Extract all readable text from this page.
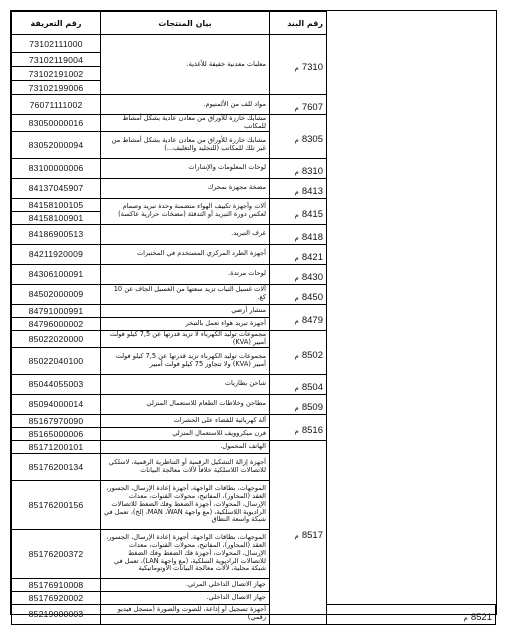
رقم التعريفة	بيان المنتجات	رقم البند	
73102111000	معلبات معدنية خفيفة للأغذية.	م 7310	

73102119004			
73102191002			
73102199006			
76071111002	مواد للف من الألمنيوم.	م 7607	

83050000016	مشابك خازرة للأوراق من معادن عادية بشكل أمشاط للمكاتب	م 8305	

83052000094	مشابك خازرة للأوراق من معادن عادية بشكل أمشاط من غير تلك للمكاتب (للتجليد والتغليف...)		
83100000006	لوحات المعلومات والإشارات	م 8310	

84137045907	مضخة مجهزة بمحرك	م 8413	

84158100105	آلات وأجهزة تكييف الهواء متضمنة وحدة تبريد وصمام لعكس دورة التبريد أو التدفئة (مضخات حرارية عاكسة)	م 8415	

84158100901			
84186900513	غرف التبريد.	م 8418	

84211920009	أجهزة الطرد المركزي المستخدم في المختبرات	م 8421	

84306100091	لوحات مرتدة.	م 8430	

84502000009	آلات غسيل الثياب تزيد سعتها من الغسيل الجاف عن 10 كغ.	م 8450	

84791000991	منشار أرضي	م 8479	

84796000002	أجهزة تبريد هواء تعمل بالتبخر		
85022020000	مجموعات توليد الكهرباء لا تزيد قدرتها عن 7,5 كيلو فولت أمبير (KVA)	م 8502	

85022040100	مجموعات توليد الكهرباء تزيد قدرتها عن 7,5 كيلو فولت أمبير (KVA) ولا تتجاوز 75 كيلو فولت أمبير		
85044055003	شاحن بطاريات	م 8504	

85094000014	مطاحن وخلاطات الطعام للاستعمال المنزلي	م 8509	

85167970090	آلة كهربائية للقضاء على الحشرات	م 8516	

85165000006	فرن ميكروويف للاستعمال المنزلي		
85171200101	الهاتف المحمول.	م 8517	

85176200134	أجهزة إزالة التشكيل الرقمية أو التناظرية الرقمية، لاسلكي للاتصالات اللاسلكية خلافاً لآلات معالجة البيانات		
85176200156	الموجهات، بطاقات الواجهة، أجهزة إعادة الإرسال، الجسور، العقد (المحاور)، المفاتيح، محولات القنوات، معدات الإرسال، المحولات، أجهزة الضغط وفك الضغط للاتصالات الراديوية اللاسلكية، (مع واجهة MAN ،WAN، إلخ)، تعمل في شبكة واسعة النطاق		
85176200372	الموجهات، بطاقات الواجهة، أجهزة إعادة الإرسال، الجسور، العقد (المحاور)، المفاتيح، محولات القنوات، معدات الإرسال، المحولات، أجهزة فك الضغط وفك الضغط للاتصالات الراديوية السلكية، (مع واجهة LAN)، تعمل في شبكة محلية، لآلات معالجة البيانات الأوتوماتيكية		
85176910008	جهاز الاتصال الداخلي المرئي.		
85176920002	جهاز الاتصال الداخلي.		
85219000003	أجهزة تسجيل أو إذاعة، للصوت والصورة (مسجل فيديو رقمي)		م 8521
